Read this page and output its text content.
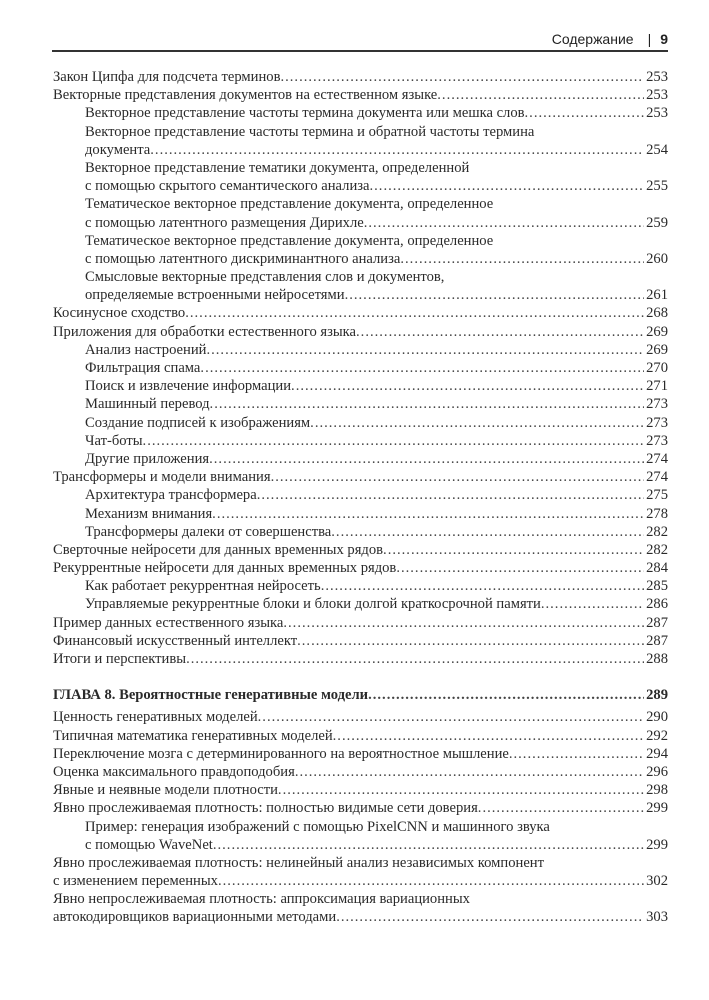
Содержание | 9
Закон Ципфа для подсчета терминов .....	253
Векторные представления документов на естественном языке .....	253
Векторное представление частоты термина документа или мешка слов .....	253
Векторное представление частоты термина и обратной частоты термина
документа .....	254
Векторное представление тематики документа, определенной
с помощью скрытого семантического анализа .....	255
Тематическое векторное представление документа, определенное
с помощью латентного размещения Дирихле .....	259
Тематическое векторное представление документа, определенное
с помощью латентного дискриминантного анализа .....	260
Смысловые векторные представления слов и документов,
определяемые встроенными нейросетями .....	261
Косинусное сходство .....	268
Приложения для обработки естественного языка .....	269
Анализ настроений .....	269
Фильтрация спама .....	270
Поиск и извлечение информации .....	271
Машинный перевод .....	273
Создание подписей к изображениям .....	273
Чат-боты .....	273
Другие приложения .....	274
Трансформеры и модели внимания .....	274
Архитектура трансформера .....	275
Механизм внимания .....	278
Трансформеры далеки от совершенства .....	282
Сверточные нейросети для данных временных рядов .....	282
Рекуррентные нейросети для данных временных рядов .....	284
Как работает рекуррентная нейросеть .....	285
Управляемые рекуррентные блоки и блоки долгой краткосрочной памяти .....	286
Пример данных естественного языка .....	287
Финансовый искусственный интеллект .....	287
Итоги и перспективы .....	288
ГЛАВА 8. Вероятностные генеративные модели .....	289
Ценность генеративных моделей .....	290
Типичная математика генеративных моделей .....	292
Переключение мозга с детерминированного на вероятностное мышление .....	294
Оценка максимального правдоподобия .....	296
Явные и неявные модели плотности .....	298
Явно прослеживаемая плотность: полностью видимые сети доверия .....	299
Пример: генерация изображений с помощью PixelCNN и машинного звука
с помощью WaveNet .....	299
Явно прослеживаемая плотность: нелинейный анализ независимых компонент
с изменением переменных .....	302
Явно непрослеживаемая плотность: аппроксимация вариационных
автокодировщиков вариационными методами .....	303
